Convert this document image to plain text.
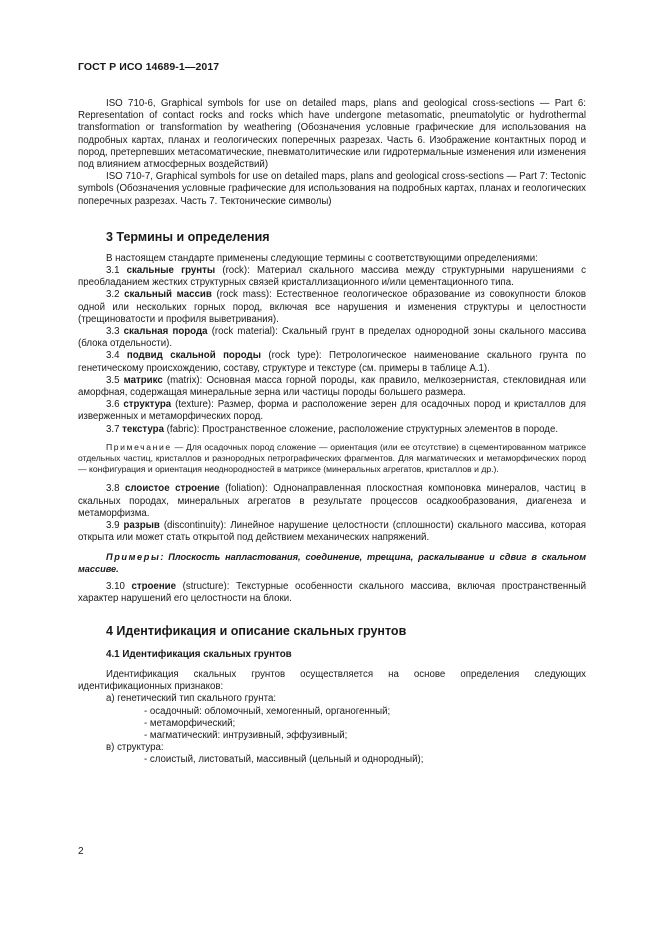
ГОСТ Р ИСО 14689-1—2017

ISO 710-6, Graphical symbols for use on detailed maps, plans and geological cross-sections — Part 6: Representation of contact rocks and rocks which have undergone metasomatic, pneumatolytic or hydrothermal transformation or transformation by weathering (Обозначения условные графические для использования на подробных картах, планах и геологических поперечных разрезах. Часть 6. Изображение контактных пород и пород, претерпевших метасоматические, пневматолитические или гидротермальные изменения или изменения под влиянием атмосферных воздействий)

ISO 710-7, Graphical symbols for use on detailed maps, plans and geological cross-sections — Part 7: Tectonic symbols (Обозначения условные графические для использования на подробных картах, планах и геологических поперечных разрезах. Часть 7. Тектонические символы)

3 Термины и определения

В настоящем стандарте применены следующие термины с соответствующими определениями:

3.1 скальные грунты (rock): Материал скального массива между структурными нарушениями с преобладанием жестких структурных связей кристаллизационного и/или цементационного типа.

3.2 скальный массив (rock mass): Естественное геологическое образование из совокупности блоков одной или нескольких горных пород, включая все нарушения и изменения структуры и целостности (трещиноватости и профиля выветривания).

3.3 скальная порода (rock material): Скальный грунт в пределах однородной зоны скального массива (блока отдельности).

3.4 подвид скальной породы (rock type): Петрологическое наименование скального грунта по генетическому происхождению, составу, структуре и текстуре (см. примеры в таблице А.1).

3.5 матрикс (matrix): Основная масса горной породы, как правило, мелкозернистая, стекловидная или аморфная, содержащая минеральные зерна или частицы породы большего размера.

3.6 структура (texture): Размер, форма и расположение зерен для осадочных пород и кристаллов для изверженных и метаморфических пород.

3.7 текстура (fabric): Пространственное сложение, расположение структурных элементов в породе.

Примечание — Для осадочных пород сложение — ориентация (или ее отсутствие) в сцементированном матриксе отдельных частиц, кристаллов и разнородных петрографических фрагментов. Для магматических и метаморфических пород — конфигурация и ориентация неоднородностей в матриксе (минеральных агрегатов, кристаллов и др.).

3.8 слоистое строение (foliation): Однонаправленная плоскостная компоновка минералов, частиц в скальных породах, минеральных агрегатов в результате процессов осадкообразования, диагенеза и метаморфизма.

3.9 разрыв (discontinuity): Линейное нарушение целостности (сплошности) скального массива, которая открыта или может стать открытой под действием механических напряжений.

Примеры: Плоскость напластования, соединение, трещина, раскалывание и сдвиг в скальном массиве.

3.10 строение (structure): Текстурные особенности скального массива, включая пространственный характер нарушений его целостности на блоки.

4 Идентификация и описание скальных грунтов
4.1 Идентификация скальных грунтов

Идентификация скальных грунтов осуществляется на основе определения следующих идентификационных признаков:

а) генетический тип скального грунта:

- осадочный: обломочный, хемогенный, органогенный;

- метаморфический;

- магматический: интрузивный, эффузивный;

в) структура:

- слоистый, листоватый, массивный (цельный и однородный);

2
